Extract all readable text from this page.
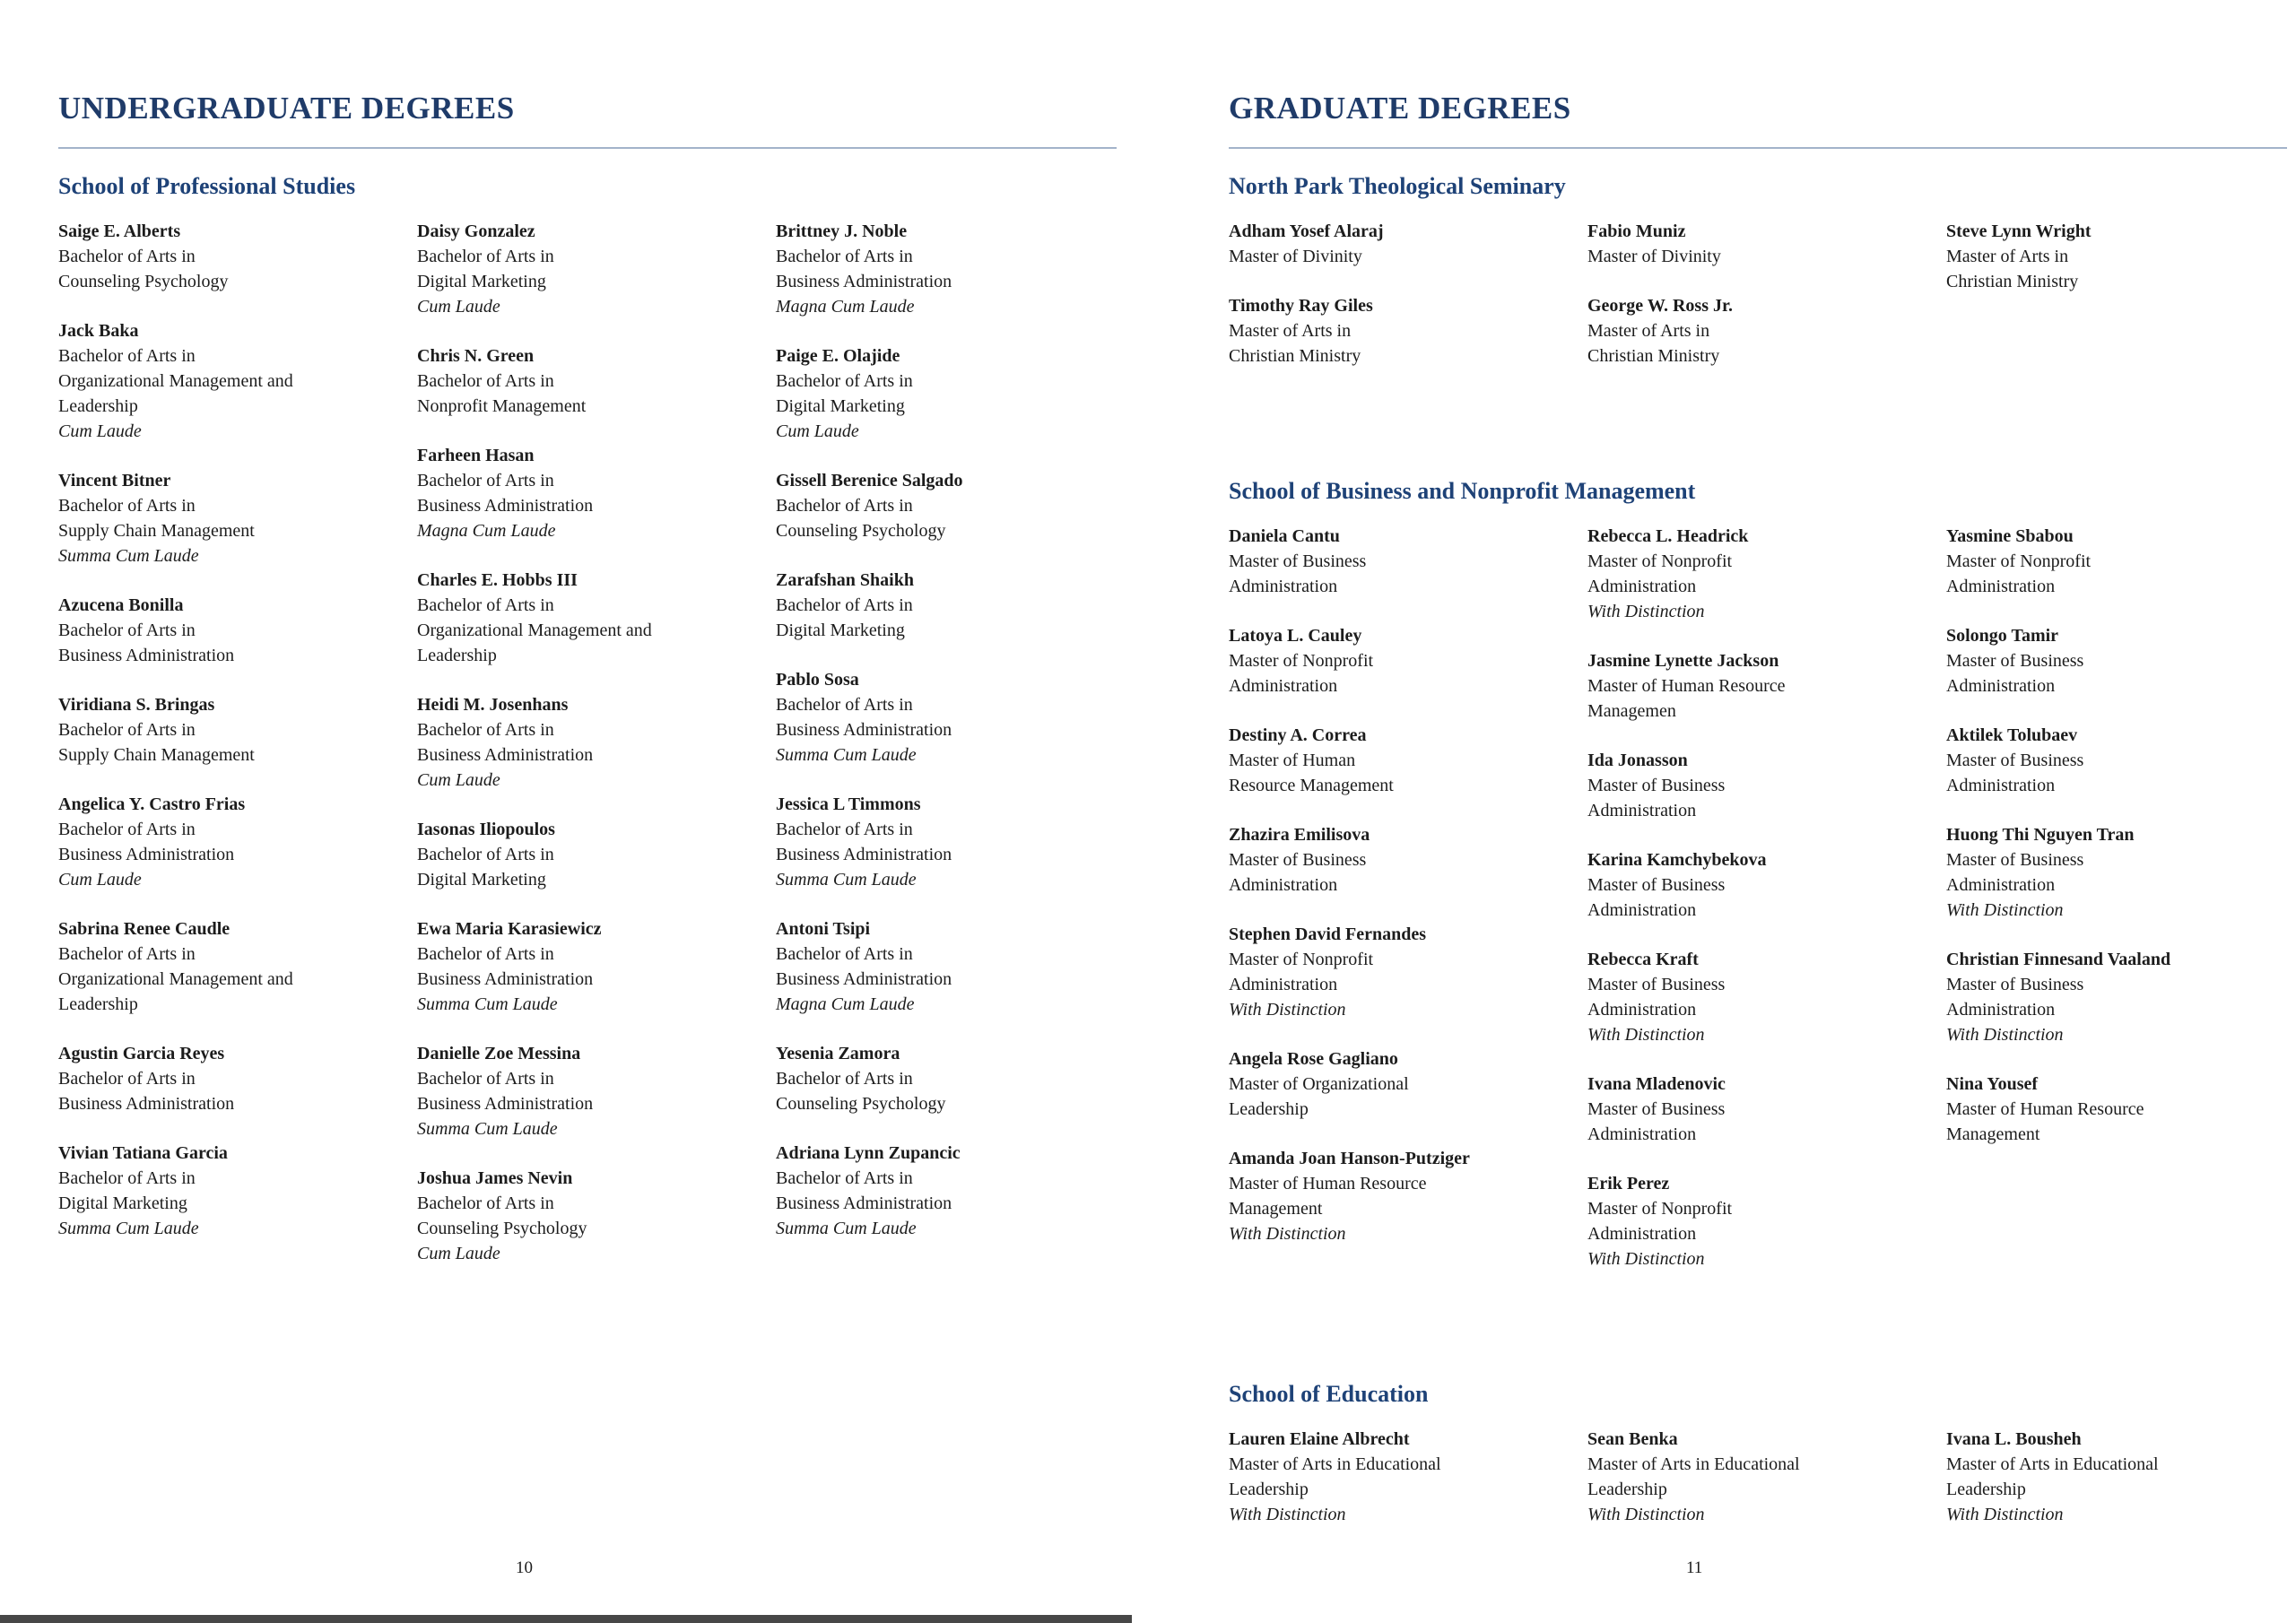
UNDERGRADUATE DEGREES
School of Professional Studies
Saige E. Alberts
Bachelor of Arts in
Counseling Psychology
Jack Baka
Bachelor of Arts in
Organizational Management and
Leadership
Cum Laude
Vincent Bitner
Bachelor of Arts in
Supply Chain Management
Summa Cum Laude
Azucena Bonilla
Bachelor of Arts in
Business Administration
Viridiana S. Bringas
Bachelor of Arts in
Supply Chain Management
Angelica Y. Castro Frias
Bachelor of Arts in
Business Administration
Cum Laude
Sabrina Renee Caudle
Bachelor of Arts in
Organizational Management and
Leadership
Agustin Garcia Reyes
Bachelor of Arts in
Business Administration
Vivian Tatiana Garcia
Bachelor of Arts in
Digital Marketing
Summa Cum Laude
Daisy Gonzalez
Bachelor of Arts in
Digital Marketing
Cum Laude
Chris N. Green
Bachelor of Arts in
Nonprofit Management
Farheen Hasan
Bachelor of Arts in
Business Administration
Magna Cum Laude
Charles E. Hobbs III
Bachelor of Arts in
Organizational Management and
Leadership
Heidi M. Josenhans
Bachelor of Arts in
Business Administration
Cum Laude
Iasonas Iliopoulos
Bachelor of Arts in
Digital Marketing
Ewa Maria Karasiewicz
Bachelor of Arts in
Business Administration
Summa Cum Laude
Danielle Zoe Messina
Bachelor of Arts in
Business Administration
Summa Cum Laude
Joshua James Nevin
Bachelor of Arts in
Counseling Psychology
Cum Laude
Brittney J. Noble
Bachelor of Arts in
Business Administration
Magna Cum Laude
Paige E. Olajide
Bachelor of Arts in
Digital Marketing
Cum Laude
Gissell Berenice Salgado
Bachelor of Arts in
Counseling Psychology
Zarafshan Shaikh
Bachelor of Arts in
Digital Marketing
Pablo Sosa
Bachelor of Arts in
Business Administration
Summa Cum Laude
Jessica L Timmons
Bachelor of Arts in
Business Administration
Summa Cum Laude
Antoni Tsipi
Bachelor of Arts in
Business Administration
Magna Cum Laude
Yesenia Zamora
Bachelor of Arts in
Counseling Psychology
Adriana Lynn Zupancic
Bachelor of Arts in
Business Administration
Summa Cum Laude
10
GRADUATE DEGREES
North Park Theological Seminary
Adham Yosef Alaraj
Master of Divinity
Timothy Ray Giles
Master of Arts in
Christian Ministry
Fabio Muniz
Master of Divinity
George W. Ross Jr.
Master of Arts in
Christian Ministry
Steve Lynn Wright
Master of Arts in
Christian Ministry
School of Business and Nonprofit Management
Daniela Cantu
Master of Business
Administration
Latoya L. Cauley
Master of Nonprofit
Administration
Destiny A. Correa
Master of Human
Resource Management
Zhazira Emilisova
Master of Business
Administration
Stephen David Fernandes
Master of Nonprofit
Administration
With Distinction
Angela Rose Gagliano
Master of Organizational
Leadership
Amanda Joan Hanson-Putziger
Master of Human Resource
Management
With Distinction
Rebecca L. Headrick
Master of Nonprofit
Administration
With Distinction
Jasmine Lynette Jackson
Master of Human Resource
Managemen
Ida Jonasson
Master of Business
Administration
Karina Kamchybekova
Master of Business
Administration
Rebecca Kraft
Master of Business
Administration
With Distinction
Ivana Mladenovic
Master of Business
Administration
Erik Perez
Master of Nonprofit
Administration
With Distinction
Yasmine Sbabou
Master of Nonprofit
Administration
Solongo Tamir
Master of Business
Administration
Aktilek Tolubaev
Master of Business
Administration
Huong Thi Nguyen Tran
Master of Business
Administration
With Distinction
Christian Finnesand Vaaland
Master of Business
Administration
With Distinction
Nina Yousef
Master of Human Resource
Management
School of Education
Lauren Elaine Albrecht
Master of Arts in Educational
Leadership
With Distinction
Sean Benka
Master of Arts in Educational
Leadership
With Distinction
Ivana L. Bousheh
Master of Arts in Educational
Leadership
With Distinction
11
